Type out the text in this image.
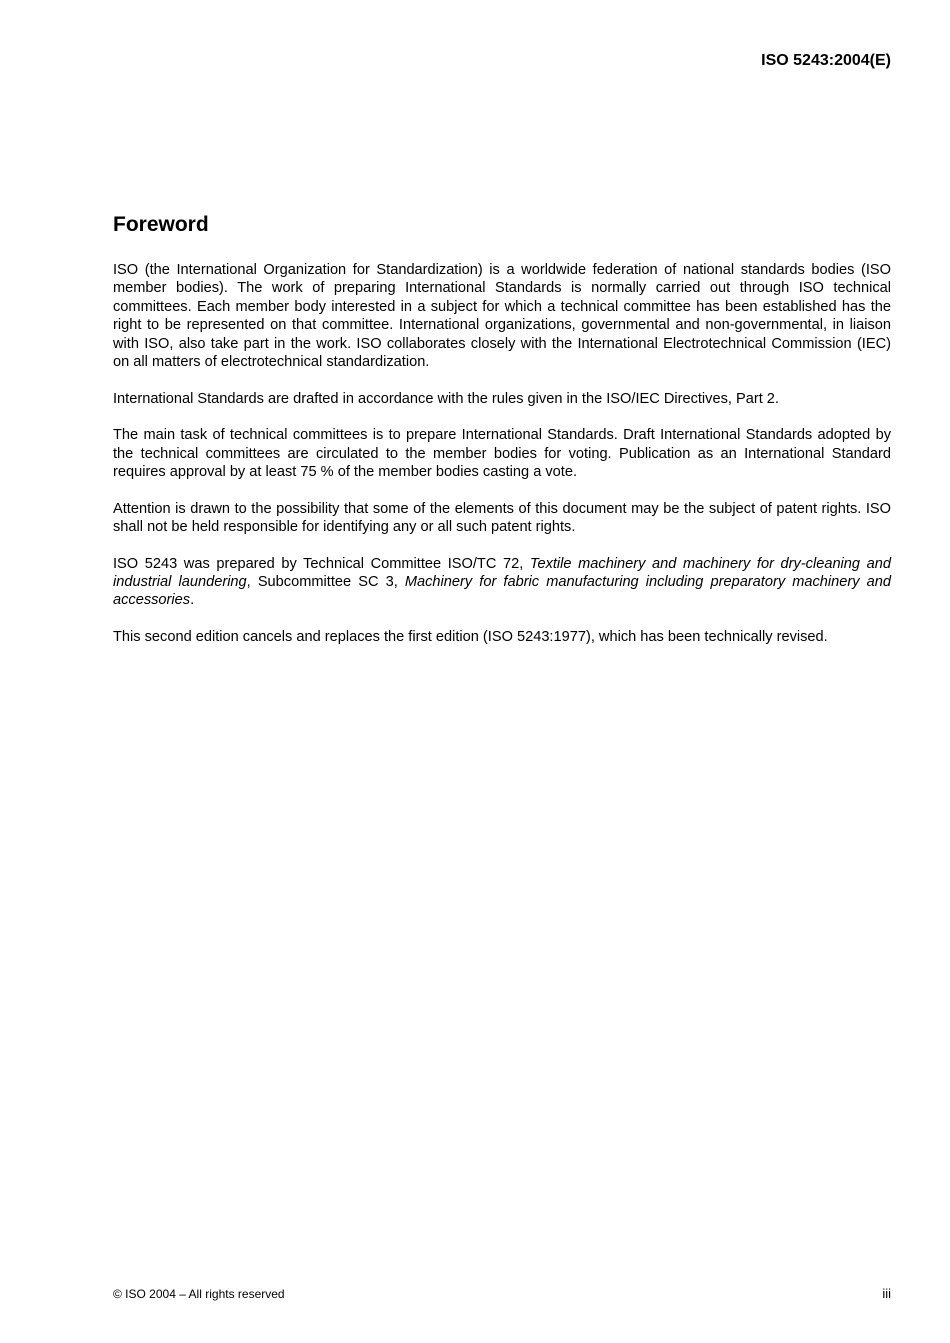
ISO 5243:2004(E)
Foreword

ISO (the International Organization for Standardization) is a worldwide federation of national standards bodies (ISO member bodies). The work of preparing International Standards is normally carried out through ISO technical committees. Each member body interested in a subject for which a technical committee has been established has the right to be represented on that committee. International organizations, governmental and non-governmental, in liaison with ISO, also take part in the work. ISO collaborates closely with the International Electrotechnical Commission (IEC) on all matters of electrotechnical standardization.

International Standards are drafted in accordance with the rules given in the ISO/IEC Directives, Part 2.

The main task of technical committees is to prepare International Standards. Draft International Standards adopted by the technical committees are circulated to the member bodies for voting. Publication as an International Standard requires approval by at least 75 % of the member bodies casting a vote.

Attention is drawn to the possibility that some of the elements of this document may be the subject of patent rights. ISO shall not be held responsible for identifying any or all such patent rights.

ISO 5243 was prepared by Technical Committee ISO/TC 72, Textile machinery and machinery for dry-cleaning and industrial laundering, Subcommittee SC 3, Machinery for fabric manufacturing including preparatory machinery and accessories.

This second edition cancels and replaces the first edition (ISO 5243:1977), which has been technically revised.

© ISO 2004 – All rights reserved	iii
